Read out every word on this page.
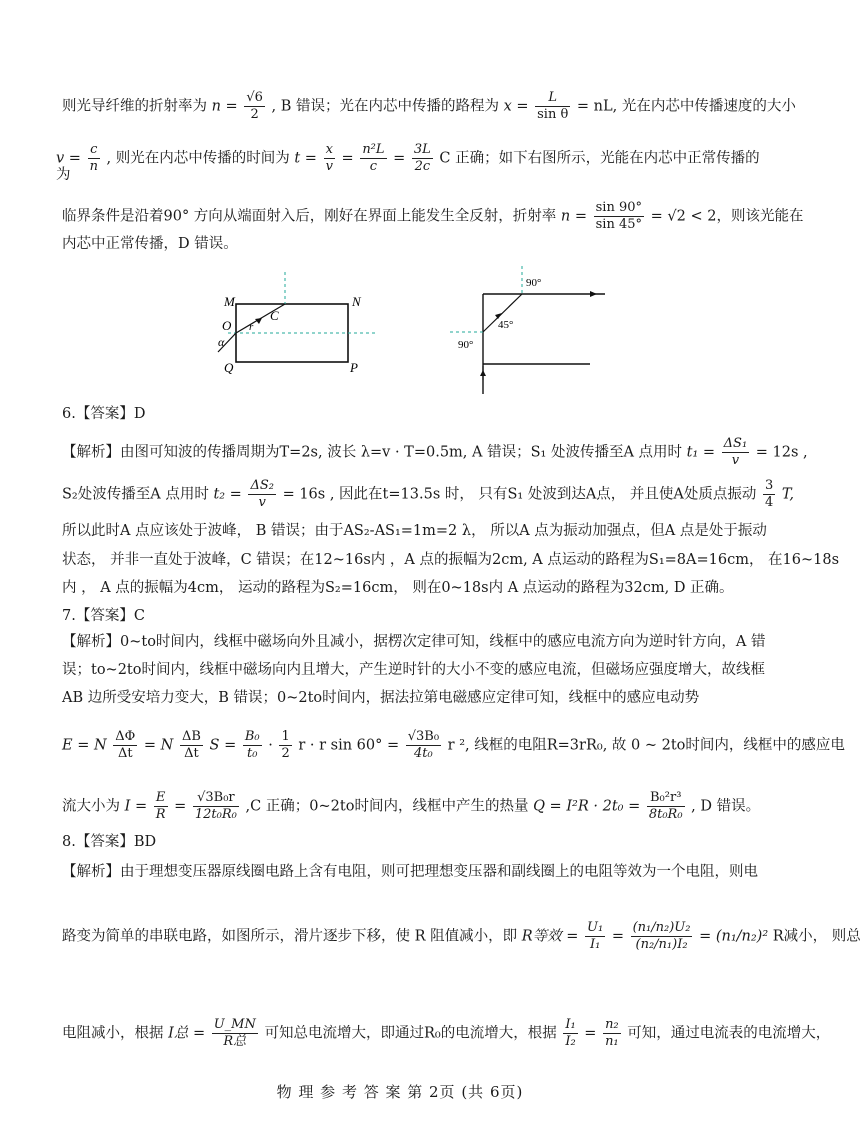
则光导纤维的折射率为 $n = \frac{√6}{2}$ , B 错误；光在内芯中传播的路程为 $x = \frac{L}{\text{sin θ}}$ = nL, 光在内芯中传播速度的大小
$v = \frac{c}{n}$ , 则光在内芯中传播的时间为 $t = \frac{x}{v} = \frac{\text{n²L}}{c} = \frac{3L}{2c}$ C 正确；如下右图所示，光能在内芯中正常传播的
为
临界条件是沿着90° 方向从端面射入后，刚好在界面上能发生全反射，折射率 $n = \frac{\sin 90^\circ}{\sin 45^\circ} = √2 < 2$，则该光能在
内芯中正常传播，D 错误。
M	N
O
C
r
α
Q	P
90°
45°
90°
6.【答案】D
【解析】由图可知波的传播周期为T=2s, 波长 λ=v · T=0.5m, A 错误；S₁ 处波传播至A 点用时 $t_1 = \frac{\text{ΔS₁}}{v} = 12s$ ,
S₂处波传播至A 点用时 $t_2 = \frac{\text{ΔS₂}}{v} = 16s$ , 因此在t=13.5s 时， 只有S₁ 处波到达A点， 并且使A处质点振动 $\frac{3}{4} T$,
所以此时A 点应该处于波峰， B 错误；由于AS₂-AS₁=1m=2 λ， 所以A 点为振动加强点，但A 点是处于振动
状态， 并非一直处于波峰，C 错误；在12~16s内 ，A 点的振幅为2cm, A 点运动的路程为S₁=8A=16cm， 在16~18s
内 ， A 点的振幅为4cm， 运动的路程为S₂=16cm， 则在0~18s内 A 点运动的路程为32cm, D 正确。
7.【答案】C
【解析】0~to时间内，线框中磁场向外且减小，据楞次定律可知，线框中的感应电流方向为逆时针方向，A 错
误；to~2to时间内，线框中磁场向内且增大，产生逆时针的大小不变的感应电流，但磁场应强度增大，故线框
AB 边所受安培力变大，B 错误；0~2to时间内，据法拉第电磁感应定律可知，线框中的感应电动势
E = N $\frac{\Delta\Phi}{\Delta t} = N \frac{\Delta B}{\Delta t}$ $S = \frac{\text{B₀}}{\text{t₀}} \cdot \frac{1}{2}$ r · r $\sin 60^\circ = \frac{\text{√3B₀}}{\text{4t₀}}$ r ², 线框的电阻R=3rR₀, 故 0 ~ 2to时间内，线框中的感应电
流大小为 $I = \frac{E}{R} = \frac{\text{√3B₀r}}{\text{12t₀R₀}} ,C$ 正确；0~2to时间内，线框中产生的热量 $Q = I^2R \cdot 2t_0 = \frac{\text{B₀²r³}}{\text{8t₀R₀}}$ , D 错误。
8.【答案】BD
【解析】由于理想变压器原线圈电路上含有电阻，则可把理想变压器和副线圈上的电阻等效为一个电阻，则电
路变为简单的串联电路，如图所示，滑片逐步下移，使 R 阻值减小，即 R等效 = $\frac{\text{U₁}}{\text{I₁}} = \frac{\text{(n₁/n₂)U₂}}{\text{(n₂/n₁)I₂}} = (n_1/n_2)^2$ R减小， 则总
电阻减小，根据 I总 = $\frac{U\_MN}{\text{R总}}$ 可知总电流增大，即通过R₀的电流增大，根据 $\frac{\text{I₁}}{\text{I₂}} = \frac{\text{n₂}}{\text{n₁}}$ 可知，通过电流表的电流增大，
物 理 参 考 答 案 第 2页 (共 6页)
